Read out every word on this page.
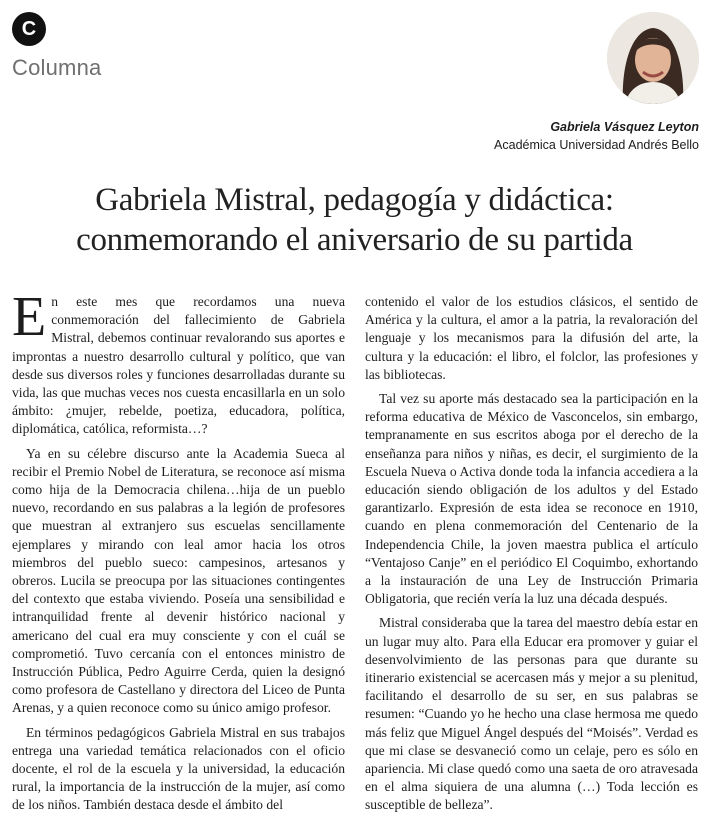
C
Columna
Gabriela Vásquez Leyton
Académica Universidad Andrés Bello
Gabriela Mistral, pedagogía y didáctica:
conmemorando el aniversario de su partida

En este mes que recordamos una nueva conmemoración del fallecimiento de Gabriela Mistral, debemos continuar revalorando sus aportes e improntas a nuestro desarrollo cultural y político, que van desde sus diversos roles y funciones desarrolladas durante su vida, las que muchas veces nos cuesta encasillarla en un solo ámbito: ¿mujer, rebelde, poetiza, educadora, política, diplomática, católica, reformista…?

Ya en su célebre discurso ante la Academia Sueca al recibir el Premio Nobel de Literatura, se reconoce así misma como hija de la Democracia chilena…hija de un pueblo nuevo, recordando en sus palabras a la legión de profesores que muestran al extranjero sus escuelas sencillamente ejemplares y mirando con leal amor hacia los otros miembros del pueblo sueco: campesinos, artesanos y obreros. Lucila se preocupa por las situaciones contingentes del contexto que estaba viviendo. Poseía una sensibilidad e intranquilidad frente al devenir histórico nacional y americano del cual era muy consciente y con el cuál se comprometió. Tuvo cercanía con el entonces ministro de Instrucción Pública, Pedro Aguirre Cerda, quien la designó como profesora de Castellano y directora del Liceo de Punta Arenas, y a quien reconoce como su único amigo profesor.

En términos pedagógicos Gabriela Mistral en sus trabajos entrega una variedad temática relacionados con el oficio docente, el rol de la escuela y la universidad, la educación rural, la importancia de la instrucción de la mujer, así como de los niños. También destaca desde el ámbito del

contenido el valor de los estudios clásicos, el sentido de América y la cultura, el amor a la patria, la revaloración del lenguaje y los mecanismos para la difusión del arte, la cultura y la educación: el libro, el folclor, las profesiones y las bibliotecas.

Tal vez su aporte más destacado sea la participación en la reforma educativa de México de Vasconcelos, sin embargo, tempranamente en sus escritos aboga por el derecho de la enseñanza para niños y niñas, es decir, el surgimiento de la Escuela Nueva o Activa donde toda la infancia accediera a la educación siendo obligación de los adultos y del Estado garantizarlo. Expresión de esta idea se reconoce en 1910, cuando en plena conmemoración del Centenario de la Independencia Chile, la joven maestra publica el artículo “Ventajoso Canje” en el periódico El Coquimbo, exhortando a la instauración de una Ley de Instrucción Primaria Obligatoria, que recién vería la luz una década después.

Mistral consideraba que la tarea del maestro debía estar en un lugar muy alto. Para ella Educar era promover y guiar el desenvolvimiento de las personas para que durante su itinerario existencial se acercasen más y mejor a su plenitud, facilitando el desarrollo de su ser, en sus palabras se resumen: “Cuando yo he hecho una clase hermosa me quedo más feliz que Miguel Ángel después del “Moisés”. Verdad es que mi clase se desvaneció como un celaje, pero es sólo en apariencia. Mi clase quedó como una saeta de oro atravesada en el alma siquiera de una alumna (…) Toda lección es susceptible de belleza”.
